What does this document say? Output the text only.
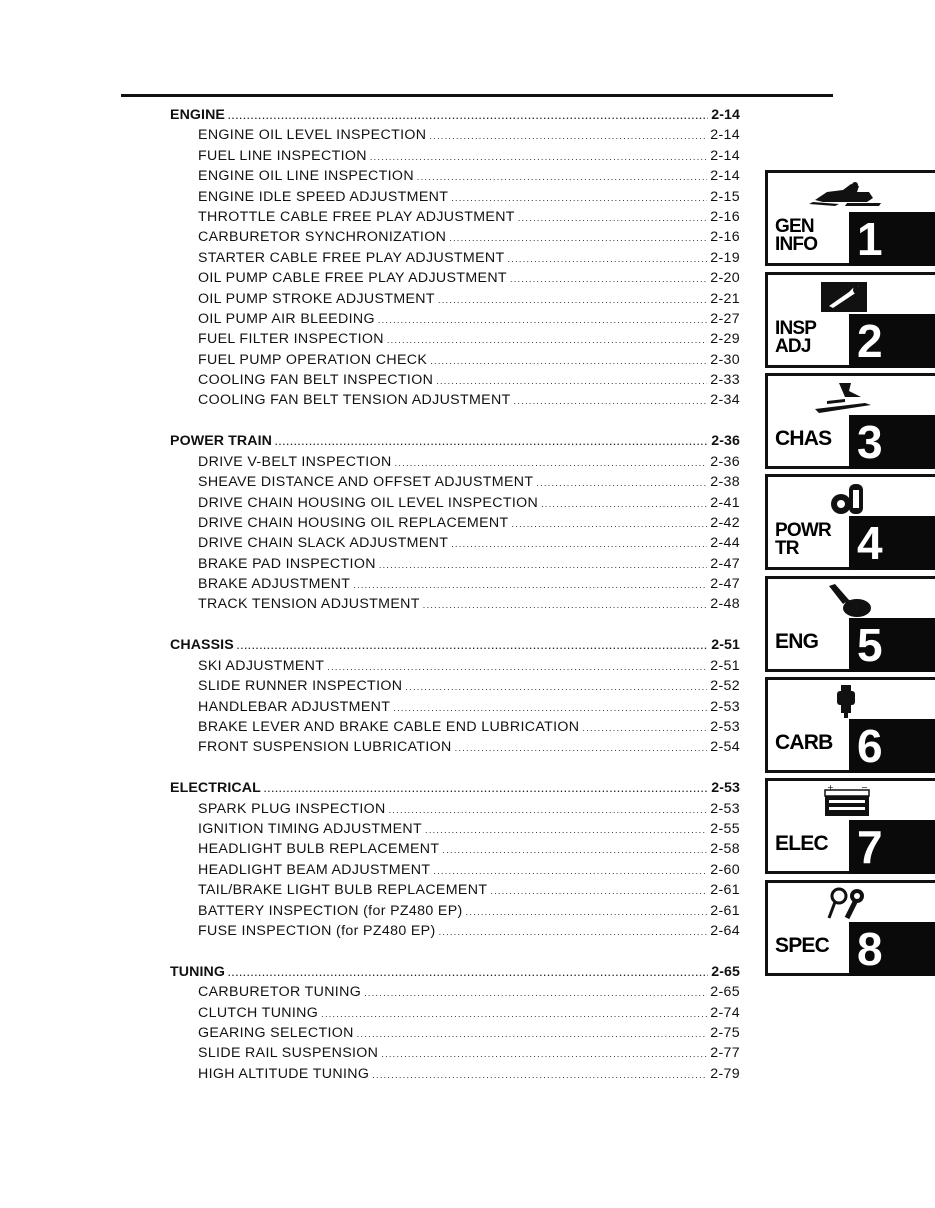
ENGINE .....	2-14
ENGINE OIL LEVEL INSPECTION .....	2-14
FUEL LINE INSPECTION .....	2-14
ENGINE OIL LINE INSPECTION .....	2-14
ENGINE IDLE SPEED ADJUSTMENT .....	2-15
THROTTLE CABLE FREE PLAY ADJUSTMENT .....	2-16
CARBURETOR SYNCHRONIZATION .....	2-16
STARTER CABLE FREE PLAY ADJUSTMENT .....	2-19
OIL PUMP CABLE FREE PLAY ADJUSTMENT .....	2-20
OIL PUMP STROKE ADJUSTMENT .....	2-21
OIL PUMP AIR BLEEDING .....	2-27
FUEL FILTER INSPECTION .....	2-29
FUEL PUMP OPERATION CHECK .....	2-30
COOLING FAN BELT INSPECTION .....	2-33
COOLING FAN BELT TENSION ADJUSTMENT .....	2-34
POWER TRAIN .....	2-36
DRIVE V-BELT INSPECTION .....	2-36
SHEAVE DISTANCE AND OFFSET ADJUSTMENT .....	2-38
DRIVE CHAIN HOUSING OIL LEVEL INSPECTION .....	2-41
DRIVE CHAIN HOUSING OIL REPLACEMENT .....	2-42
DRIVE CHAIN SLACK ADJUSTMENT .....	2-44
BRAKE PAD INSPECTION .....	2-47
BRAKE ADJUSTMENT .....	2-47
TRACK TENSION ADJUSTMENT .....	2-48
CHASSIS .....	2-51
SKI ADJUSTMENT .....	2-51
SLIDE RUNNER INSPECTION .....	2-52
HANDLEBAR ADJUSTMENT .....	2-53
BRAKE LEVER AND BRAKE CABLE END LUBRICATION .....	2-53
FRONT SUSPENSION LUBRICATION .....	2-54
ELECTRICAL .....	2-53
SPARK PLUG INSPECTION .....	2-53
IGNITION TIMING ADJUSTMENT .....	2-55
HEADLIGHT BULB REPLACEMENT .....	2-58
HEADLIGHT BEAM ADJUSTMENT .....	2-60
TAIL/BRAKE LIGHT BULB REPLACEMENT .....	2-61
BATTERY INSPECTION (for PZ480 EP) .....	2-61
FUSE INSPECTION (for PZ480 EP) .....	2-64
TUNING .....	2-65
CARBURETOR TUNING .....	2-65
CLUTCH TUNING .....	2-74
GEARING SELECTION .....	2-75
SLIDE RAIL SUSPENSION .....	2-77
HIGH ALTITUDE TUNING .....	2-79
GEN
INFO 1
INSP
ADJ	2
CHAS 3
POWR
TR	4
ENG 5
CARB 6
+	−
ELEC 7
SPEC 8
